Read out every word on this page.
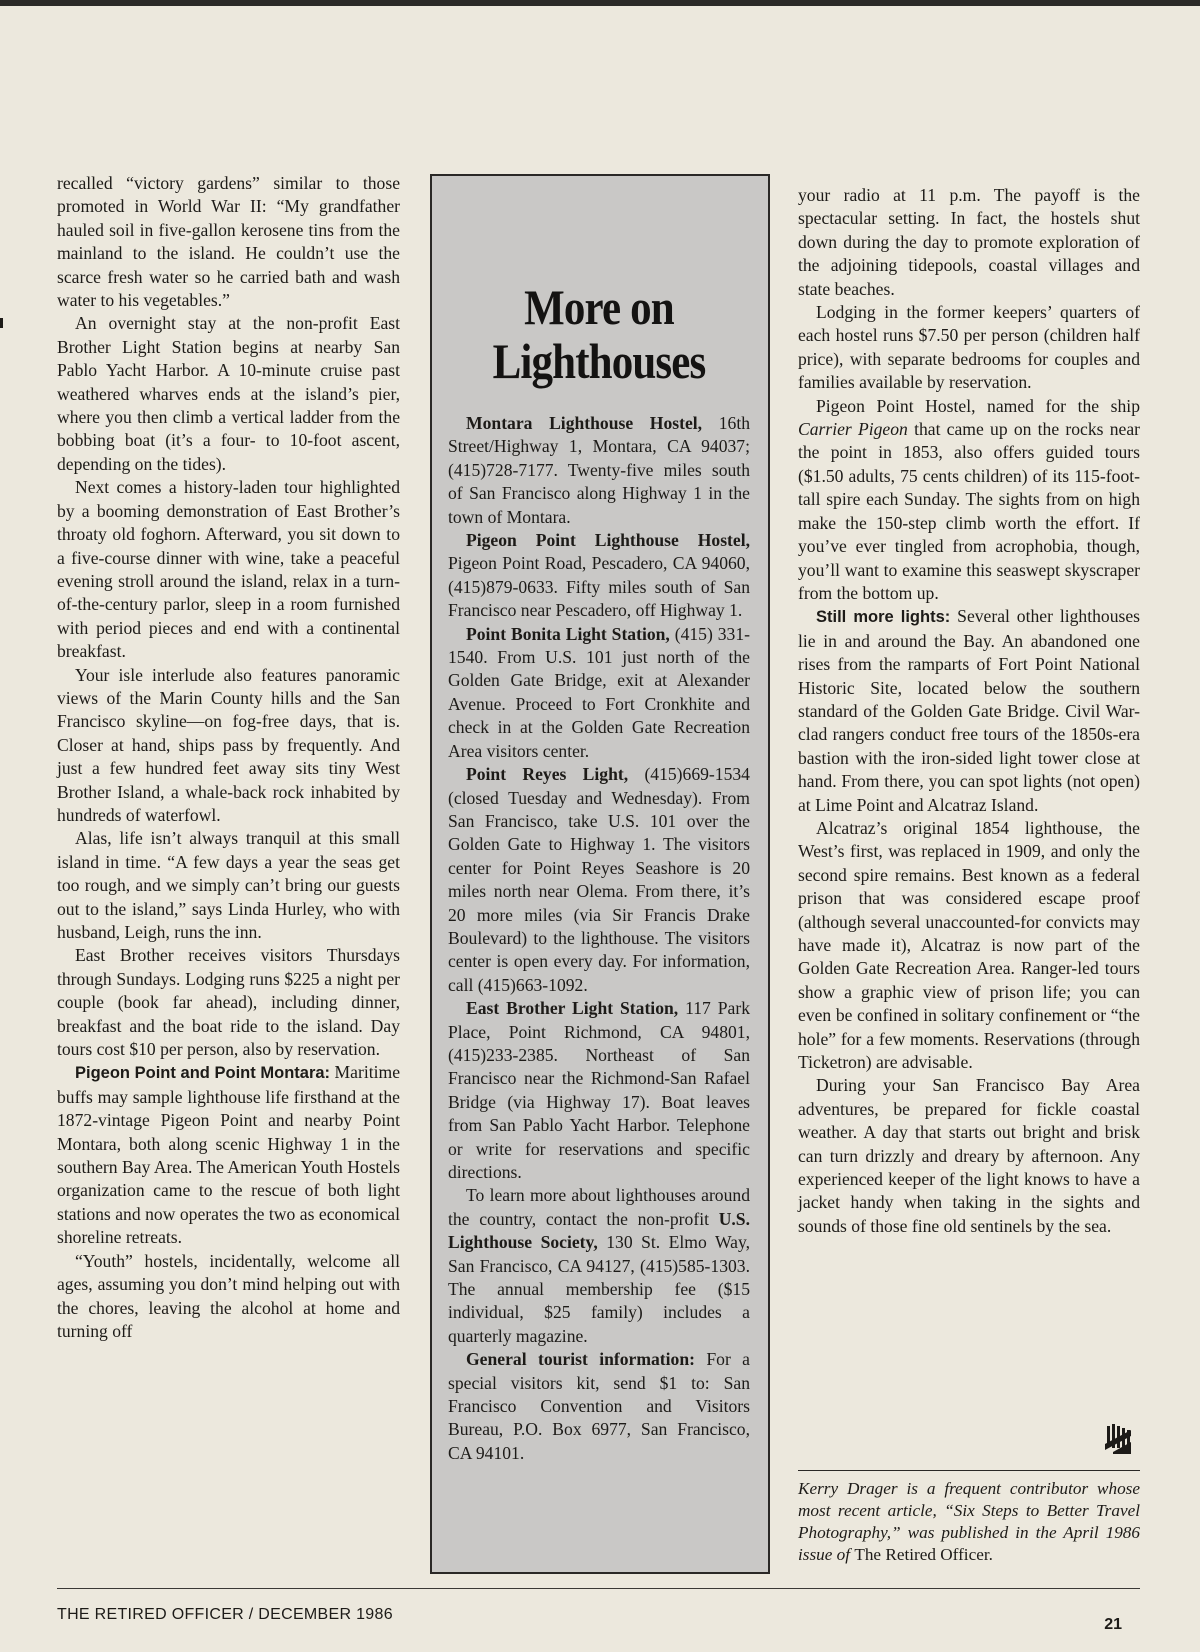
recalled “victory gardens” similar to those promoted in World War II: “My grandfather hauled soil in five-gallon kerosene tins from the mainland to the island. He couldn’t use the scarce fresh water so he carried bath and wash water to his vegetables.”

An overnight stay at the non-profit East Brother Light Station begins at nearby San Pablo Yacht Harbor. A 10-minute cruise past weathered wharves ends at the island’s pier, where you then climb a vertical ladder from the bobbing boat (it’s a four- to 10-foot ascent, depending on the tides).

Next comes a history-laden tour highlighted by a booming demonstration of East Brother’s throaty old foghorn. Afterward, you sit down to a five-course dinner with wine, take a peaceful evening stroll around the island, relax in a turn-of-the-century parlor, sleep in a room furnished with period pieces and end with a continental breakfast.

Your isle interlude also features panoramic views of the Marin County hills and the San Francisco skyline—on fog-free days, that is. Closer at hand, ships pass by frequently. And just a few hundred feet away sits tiny West Brother Island, a whale-back rock inhabited by hundreds of waterfowl.

Alas, life isn’t always tranquil at this small island in time. “A few days a year the seas get too rough, and we simply can’t bring our guests out to the island,” says Linda Hurley, who with husband, Leigh, runs the inn.

East Brother receives visitors Thursdays through Sundays. Lodging runs $225 a night per couple (book far ahead), including dinner, breakfast and the boat ride to the island. Day tours cost $10 per person, also by reservation.

Pigeon Point and Point Montara: Maritime buffs may sample lighthouse life firsthand at the 1872-vintage Pigeon Point and nearby Point Montara, both along scenic Highway 1 in the southern Bay Area. The American Youth Hostels organization came to the rescue of both light stations and now operates the two as economical shoreline retreats.

“Youth” hostels, incidentally, welcome all ages, assuming you don’t mind helping out with the chores, leaving the alcohol at home and turning off

More on
Lighthouses

Montara Lighthouse Hostel, 16th Street/Highway 1, Montara, CA 94037; (415)728-7177. Twenty-five miles south of San Francisco along Highway 1 in the town of Montara.

Pigeon Point Lighthouse Hostel, Pigeon Point Road, Pescadero, CA 94060, (415)879-0633. Fifty miles south of San Francisco near Pescadero, off Highway 1.

Point Bonita Light Station, (415) 331-1540. From U.S. 101 just north of the Golden Gate Bridge, exit at Alexander Avenue. Proceed to Fort Cronkhite and check in at the Golden Gate Recreation Area visitors center.

Point Reyes Light, (415)669-1534 (closed Tuesday and Wednesday). From San Francisco, take U.S. 101 over the Golden Gate to Highway 1. The visitors center for Point Reyes Seashore is 20 miles north near Olema. From there, it’s 20 more miles (via Sir Francis Drake Boulevard) to the lighthouse. The visitors center is open every day. For information, call (415)663-1092.

East Brother Light Station, 117 Park Place, Point Richmond, CA 94801, (415)233-2385. Northeast of San Francisco near the Richmond-San Rafael Bridge (via Highway 17). Boat leaves from San Pablo Yacht Harbor. Telephone or write for reservations and specific directions.

To learn more about lighthouses around the country, contact the non-profit U.S. Lighthouse Society, 130 St. Elmo Way, San Francisco, CA 94127, (415)585-1303. The annual membership fee ($15 individual, $25 family) includes a quarterly magazine.

General tourist information: For a special visitors kit, send $1 to: San Francisco Convention and Visitors Bureau, P.O. Box 6977, San Francisco, CA 94101.

your radio at 11 p.m. The payoff is the spectacular setting. In fact, the hostels shut down during the day to promote exploration of the adjoining tidepools, coastal villages and state beaches.

Lodging in the former keepers’ quarters of each hostel runs $7.50 per person (children half price), with separate bedrooms for couples and families available by reservation.

Pigeon Point Hostel, named for the ship Carrier Pigeon that came up on the rocks near the point in 1853, also offers guided tours ($1.50 adults, 75 cents children) of its 115-foot-tall spire each Sunday. The sights from on high make the 150-step climb worth the effort. If you’ve ever tingled from acrophobia, though, you’ll want to examine this seaswept skyscraper from the bottom up.

Still more lights: Several other lighthouses lie in and around the Bay. An abandoned one rises from the ramparts of Fort Point National Historic Site, located below the southern standard of the Golden Gate Bridge. Civil War-clad rangers conduct free tours of the 1850s-era bastion with the iron-sided light tower close at hand. From there, you can spot lights (not open) at Lime Point and Alcatraz Island.

Alcatraz’s original 1854 lighthouse, the West’s first, was replaced in 1909, and only the second spire remains. Best known as a federal prison that was considered escape proof (although several unaccounted-for convicts may have made it), Alcatraz is now part of the Golden Gate Recreation Area. Ranger-led tours show a graphic view of prison life; you can even be confined in solitary confinement or “the hole” for a few moments. Reservations (through Ticketron) are advisable.

During your San Francisco Bay Area adventures, be prepared for fickle coastal weather. A day that starts out bright and brisk can turn drizzly and dreary by afternoon. Any experienced keeper of the light knows to have a jacket handy when taking in the sights and sounds of those fine old sentinels by the sea.

Kerry Drager is a frequent contributor whose most recent article, “Six Steps to Better Travel Photography,” was published in the April 1986 issue of The Retired Officer.
THE RETIRED OFFICER / DECEMBER 1986
21
